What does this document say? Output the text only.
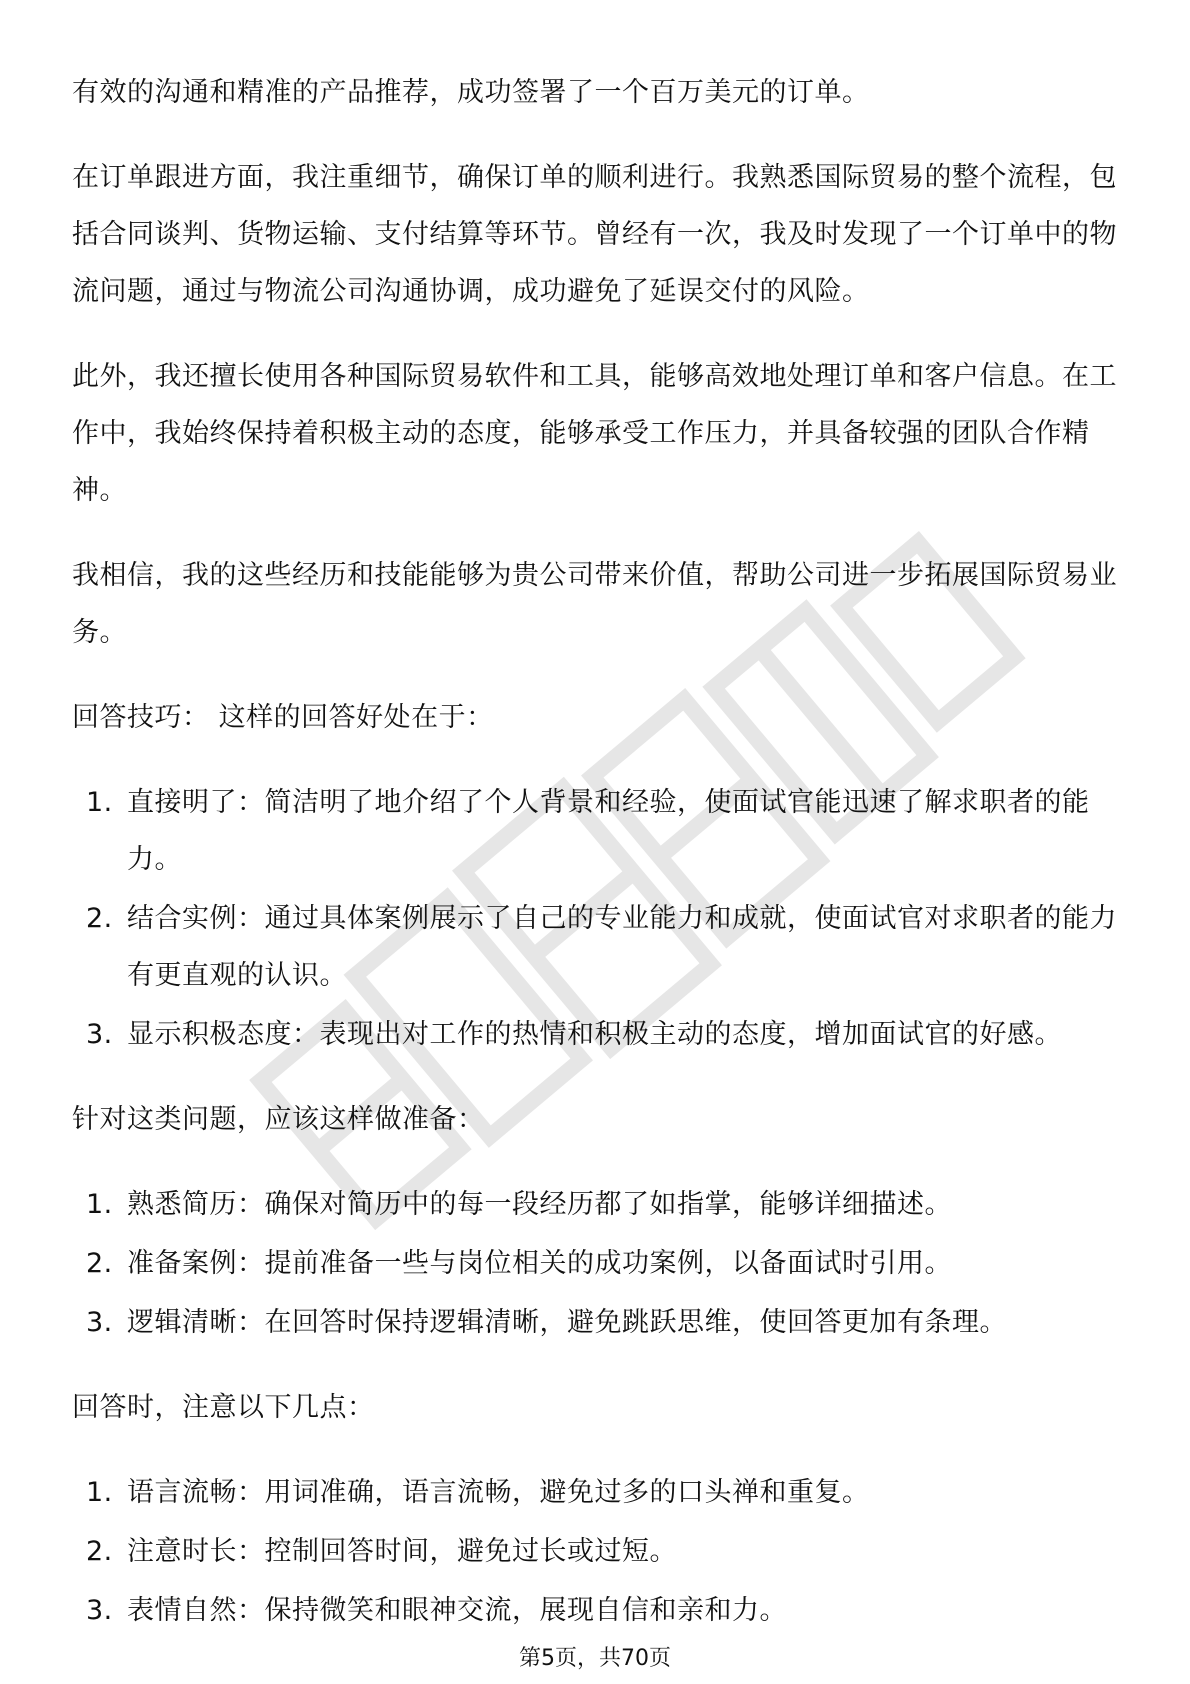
有效的沟通和精准的产品推荐，成功签署了一个百万美元的订单。

在订单跟进方面，我注重细节，确保订单的顺利进行。我熟悉国际贸易的整个流程，包括合同谈判、货物运输、支付结算等环节。曾经有一次，我及时发现了一个订单中的物流问题，通过与物流公司沟通协调，成功避免了延误交付的风险。

此外，我还擅长使用各种国际贸易软件和工具，能够高效地处理订单和客户信息。在工作中，我始终保持着积极主动的态度，能够承受工作压力，并具备较强的团队合作精神。

我相信，我的这些经历和技能能够为贵公司带来价值，帮助公司进一步拓展国际贸易业务。

回答技巧： 这样的回答好处在于：

1. 直接明了：简洁明了地介绍了个人背景和经验，使面试官能迅速了解求职者的能力。
2. 结合实例：通过具体案例展示了自己的专业能力和成就，使面试官对求职者的能力有更直观的认识。
3. 显示积极态度：表现出对工作的热情和积极主动的态度，增加面试官的好感。

针对这类问题，应该这样做准备：

1. 熟悉简历：确保对简历中的每一段经历都了如指掌，能够详细描述。
2. 准备案例：提前准备一些与岗位相关的成功案例，以备面试时引用。
3. 逻辑清晰：在回答时保持逻辑清晰，避免跳跃思维，使回答更加有条理。

回答时，注意以下几点：

1. 语言流畅：用词准确，语言流畅，避免过多的口头禅和重复。
2. 注意时长：控制回答时间，避免过长或过短。
3. 表情自然：保持微笑和眼神交流，展现自信和亲和力。
第5页，共70页
